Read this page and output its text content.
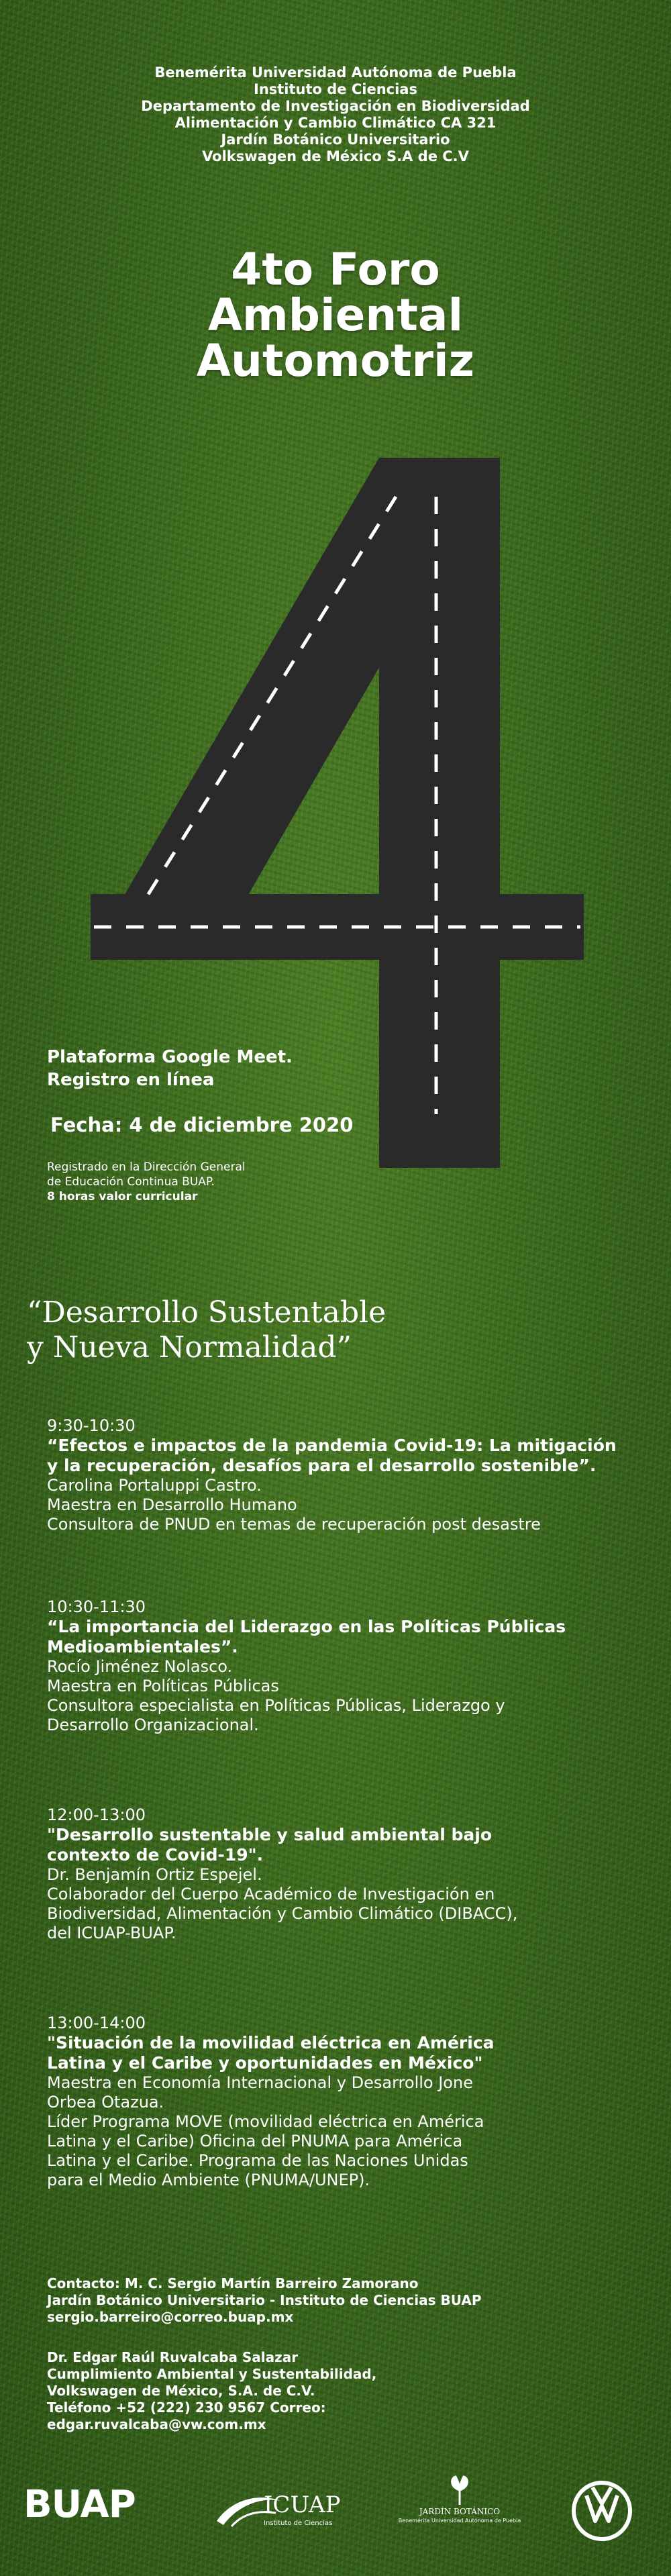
Benemérita Universidad Autónoma de Puebla
Instituto de Ciencias
Departamento de Investigación en Biodiversidad
Alimentación y Cambio Climático CA 321
Jardín Botánico Universitario
Volkswagen de México S.A de C.V
4to Foro
Ambiental
Automotriz
Plataforma Google Meet.
Registro en línea
Fecha: 4 de diciembre 2020
Registrado en la Dirección General
de Educación Continua BUAP.
8 horas valor curricular
“Desarrollo Sustentable
y Nueva Normalidad”
9:30-10:30
“Efectos e impactos de la pandemia Covid-19: La mitigación
y la recuperación, desafíos para el desarrollo sostenible”.
Carolina Portaluppi Castro.
Maestra en Desarrollo Humano
Consultora de PNUD en temas de recuperación post desastre
10:30-11:30
“La importancia del Liderazgo en las Políticas Públicas
Medioambientales”.
Rocío Jiménez Nolasco.
Maestra en Políticas Públicas
Consultora especialista en Políticas Públicas, Liderazgo y
Desarrollo Organizacional.
12:00-13:00
"Desarrollo sustentable y salud ambiental bajo
contexto de Covid-19".
Dr. Benjamín Ortiz Espejel.
Colaborador del Cuerpo Académico de Investigación en
Biodiversidad, Alimentación y Cambio Climático (DIBACC),
del ICUAP-BUAP.
13:00-14:00
"Situación de la movilidad eléctrica en América
Latina y el Caribe y oportunidades en México"
Maestra en Economía Internacional y Desarrollo Jone
Orbea Otazua.
Líder Programa MOVE (movilidad eléctrica en América
Latina y el Caribe) Oficina del PNUMA para América
Latina y el Caribe. Programa de las Naciones Unidas
para el Medio Ambiente (PNUMA/UNEP).
Contacto: M. C. Sergio Martín Barreiro Zamorano
Jardín Botánico Universitario - Instituto de Ciencias BUAP
sergio.barreiro@correo.buap.mx
Dr. Edgar Raúl Ruvalcaba Salazar
Cumplimiento Ambiental y Sustentabilidad,
Volkswagen de México, S.A. de C.V.
Teléfono +52 (222) 230 9567 Correo:
edgar.ruvalcaba@vw.com.mx
BUAP	ICUAP
Instituto de Ciencias
JARDÍN BOTÁNICO
Benemérita Universidad Autónoma de Puebla
